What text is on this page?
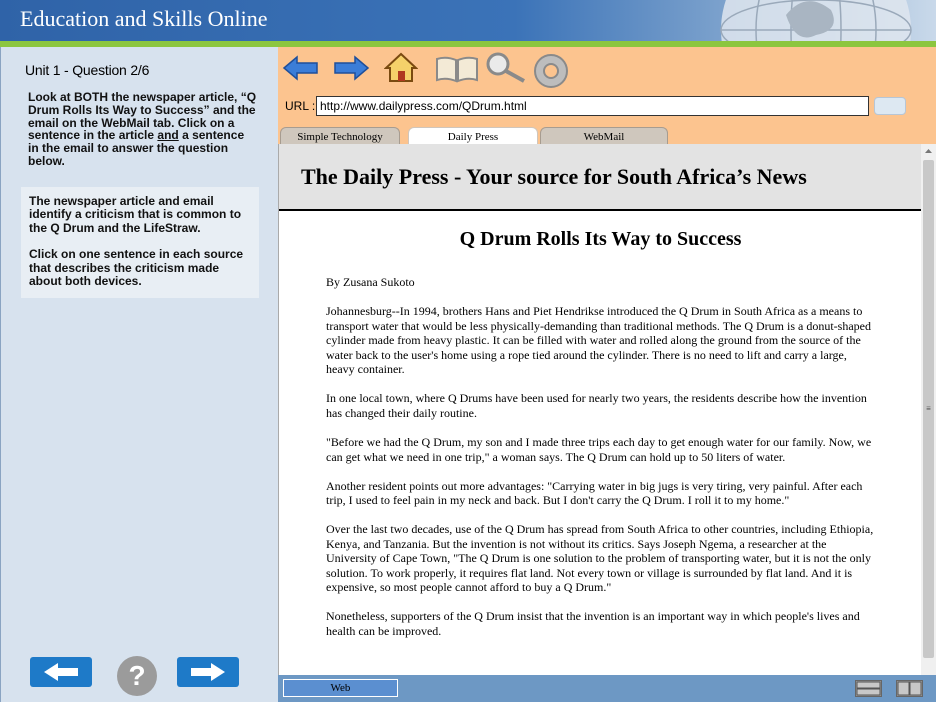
Education and Skills Online
Unit 1 - Question 2/6
Look at BOTH the newspaper article, “Q Drum Rolls Its Way to Success” and the email on the WebMail tab. Click on a sentence in the article and a sentence in the email to answer the question below.

The newspaper article and email identify a criticism that is common to the Q Drum and the LifeStraw.

Click on one sentence in each source that describes the criticism made about both devices.

?
URL :
http://www.dailypress.com/QDrum.html
Simple Technology	Daily Press	WebMail
The Daily Press - Your source for South Africa’s News
Q Drum Rolls Its Way to Success

By Zusana Sukoto

Johannesburg--In 1994, brothers Hans and Piet Hendrikse introduced the Q Drum in South Africa as a means to transport water that would be less physically-demanding than traditional methods. The Q Drum is a donut-shaped cylinder made from heavy plastic. It can be filled with water and rolled along the ground from the source of the water back to the user's home using a rope tied around the cylinder. There is no need to lift and carry a large, heavy container.

In one local town, where Q Drums have been used for nearly two years, the residents describe how the invention has changed their daily routine.

"Before we had the Q Drum, my son and I made three trips each day to get enough water for our family. Now, we can get what we need in one trip," a woman says. The Q Drum can hold up to 50 liters of water.

Another resident points out more advantages: "Carrying water in big jugs is very tiring, very painful. After each trip, I used to feel pain in my neck and back. But I don't carry the Q Drum. I roll it to my home."

Over the last two decades, use of the Q Drum has spread from South Africa to other countries, including Ethiopia, Kenya, and Tanzania. But the invention is not without its critics. Says Joseph Ngema, a researcher at the University of Cape Town, "The Q Drum is one solution to the problem of transporting water, but it is not the only solution. To work properly, it requires flat land. Not every town or village is surrounded by flat land. And it is expensive, so most people cannot afford to buy a Q Drum."

Nonetheless, supporters of the Q Drum insist that the invention is an important way in which people's lives and health can be improved.

≡
Web
